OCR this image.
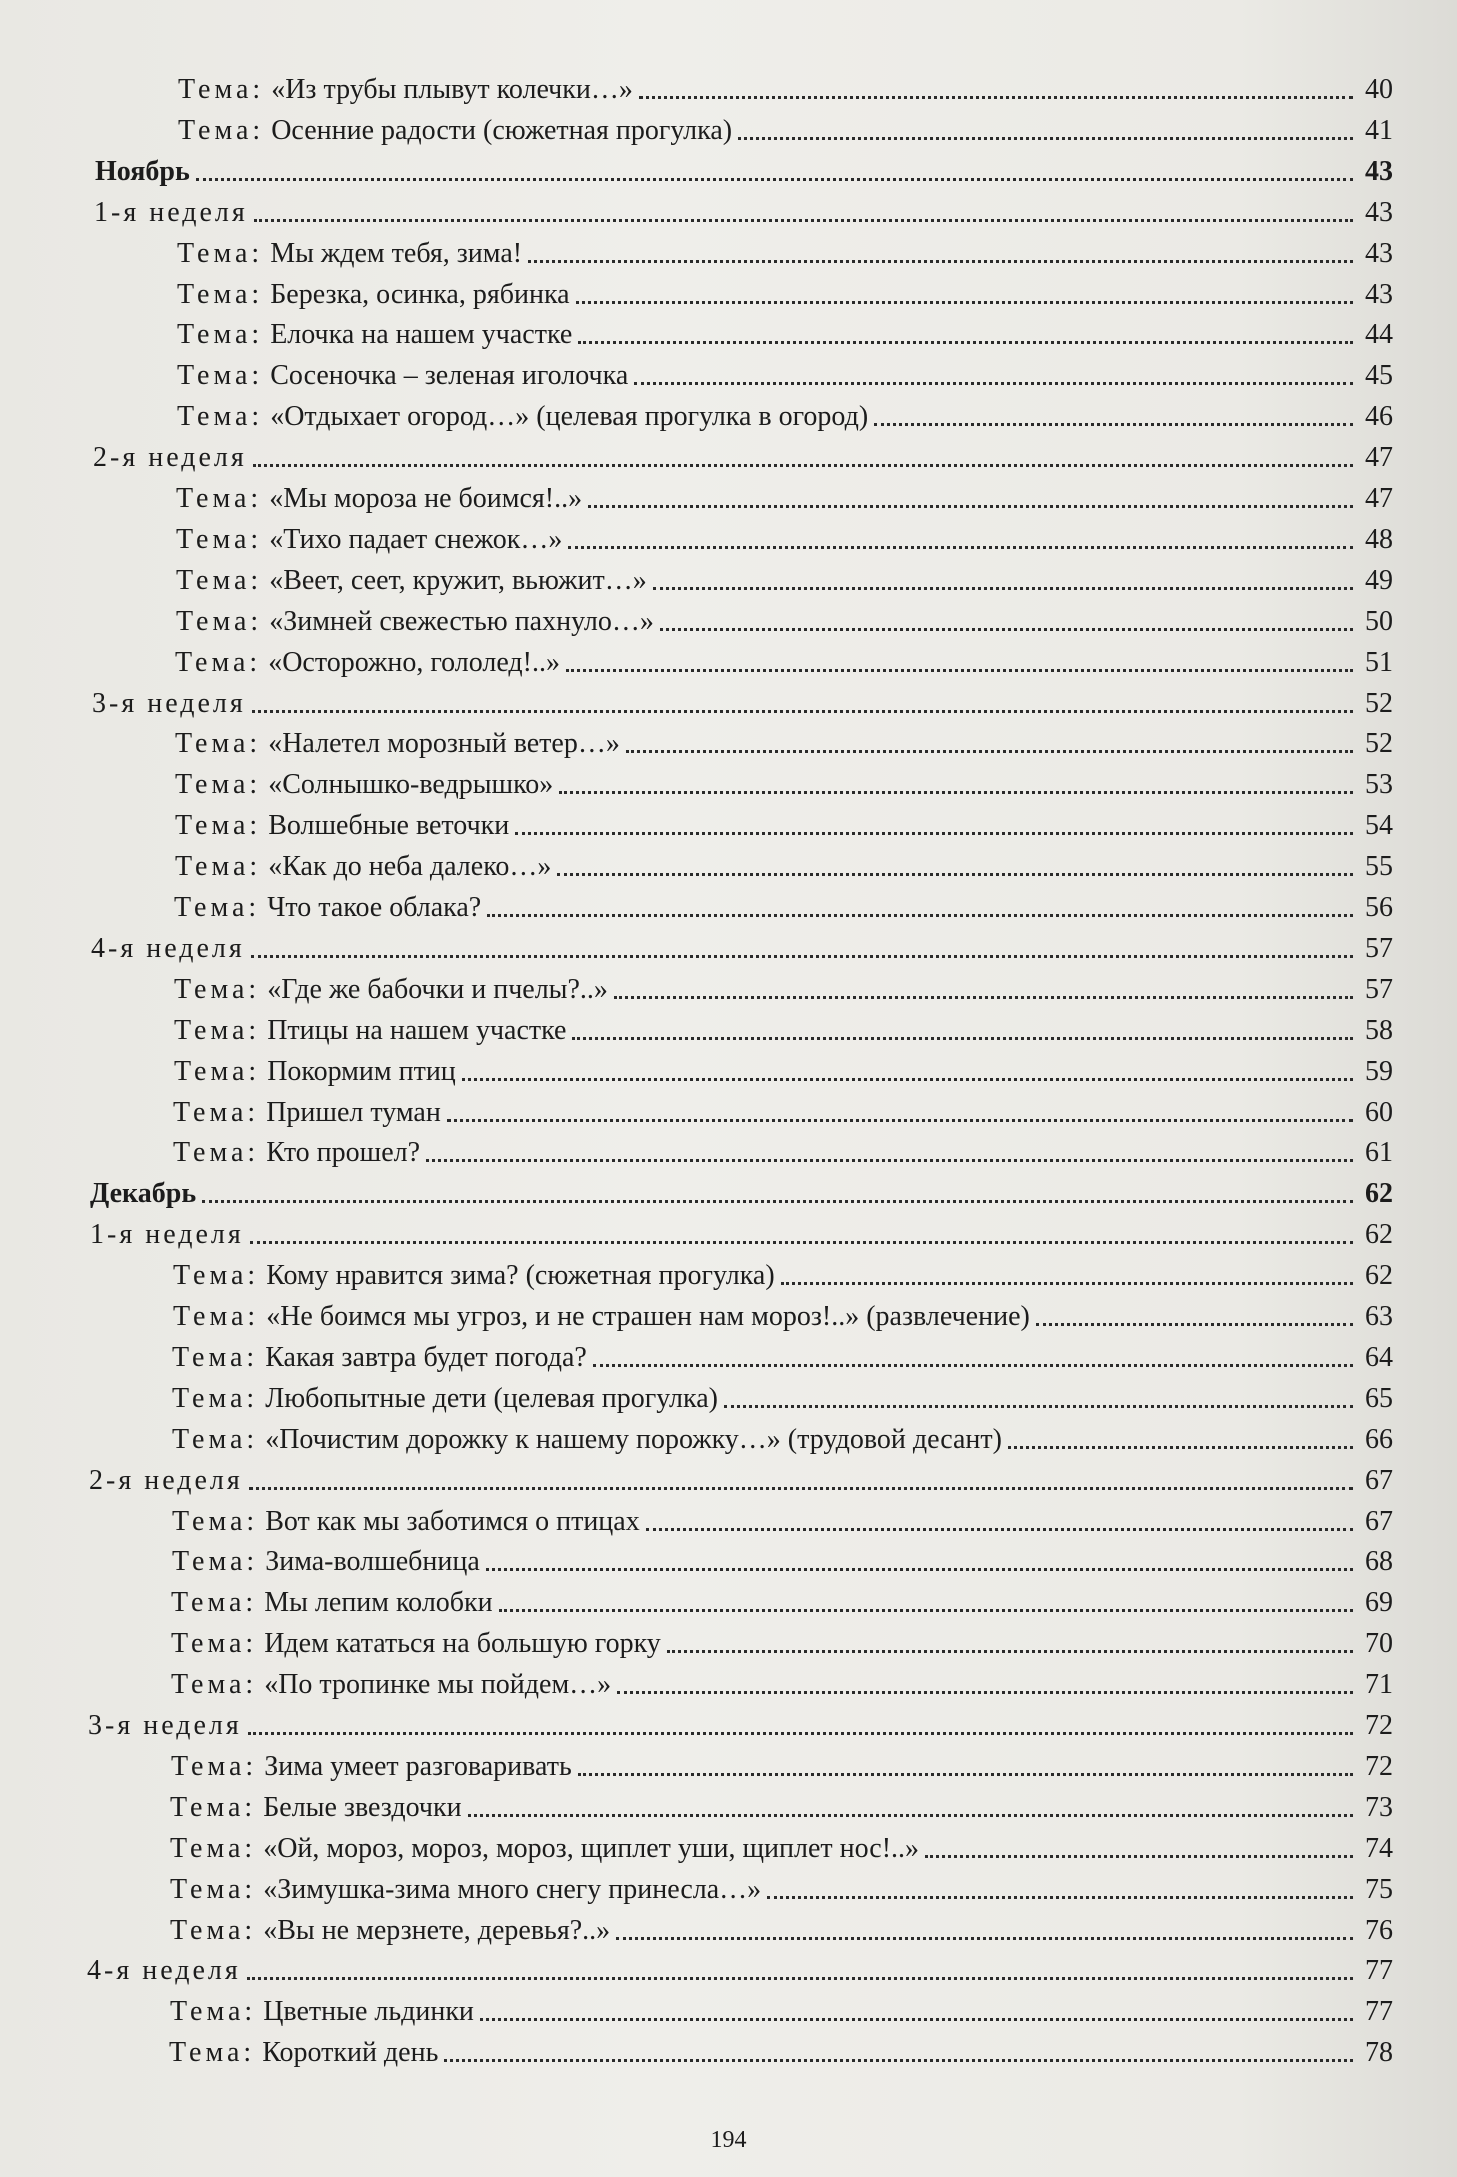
Тема: «Из трубы плывут колечки…»	40
Тема: Осенние радости (сюжетная прогулка)	41
Ноябрь	43
1-я неделя	43
Тема: Мы ждем тебя, зима!	43
Тема: Березка, осинка, рябинка	43
Тема: Елочка на нашем участке	44
Тема: Сосеночка – зеленая иголочка	45
Тема: «Отдыхает огород…» (целевая прогулка в огород)	46
2-я неделя	47
Тема: «Мы мороза не боимся!..»	47
Тема: «Тихо падает снежок…»	48
Тема: «Веет, сеет, кружит, вьюжит…»	49
Тема: «Зимней свежестью пахнуло…»	50
Тема: «Осторожно, гололед!..»	51
3-я неделя	52
Тема: «Налетел морозный ветер…»	52
Тема: «Солнышко-ведрышко»	53
Тема: Волшебные веточки	54
Тема: «Как до неба далеко…»	55
Тема: Что такое облака?	56
4-я неделя	57
Тема: «Где же бабочки и пчелы?..»	57
Тема: Птицы на нашем участке	58
Тема: Покормим птиц	59
Тема: Пришел туман	60
Тема: Кто прошел?	61
Декабрь	62
1-я неделя	62
Тема: Кому нравится зима? (сюжетная прогулка)	62
Тема: «Не боимся мы угроз, и не страшен нам мороз!..» (развлечение)	63
Тема: Какая завтра будет погода?	64
Тема: Любопытные дети (целевая прогулка)	65
Тема: «Почистим дорожку к нашему порожку…» (трудовой десант)	66
2-я неделя	67
Тема: Вот как мы заботимся о птицах	67
Тема: Зима-волшебница	68
Тема: Мы лепим колобки	69
Тема: Идем кататься на большую горку	70
Тема: «По тропинке мы пойдем…»	71
3-я неделя	72
Тема: Зима умеет разговаривать	72
Тема: Белые звездочки	73
Тема: «Ой, мороз, мороз, мороз, щиплет уши, щиплет нос!..»	74
Тема: «Зимушка-зима много снегу принесла…»	75
Тема: «Вы не мерзнете, деревья?..»	76
4-я неделя	77
Тема: Цветные льдинки	77
Тема: Короткий день	78
194
